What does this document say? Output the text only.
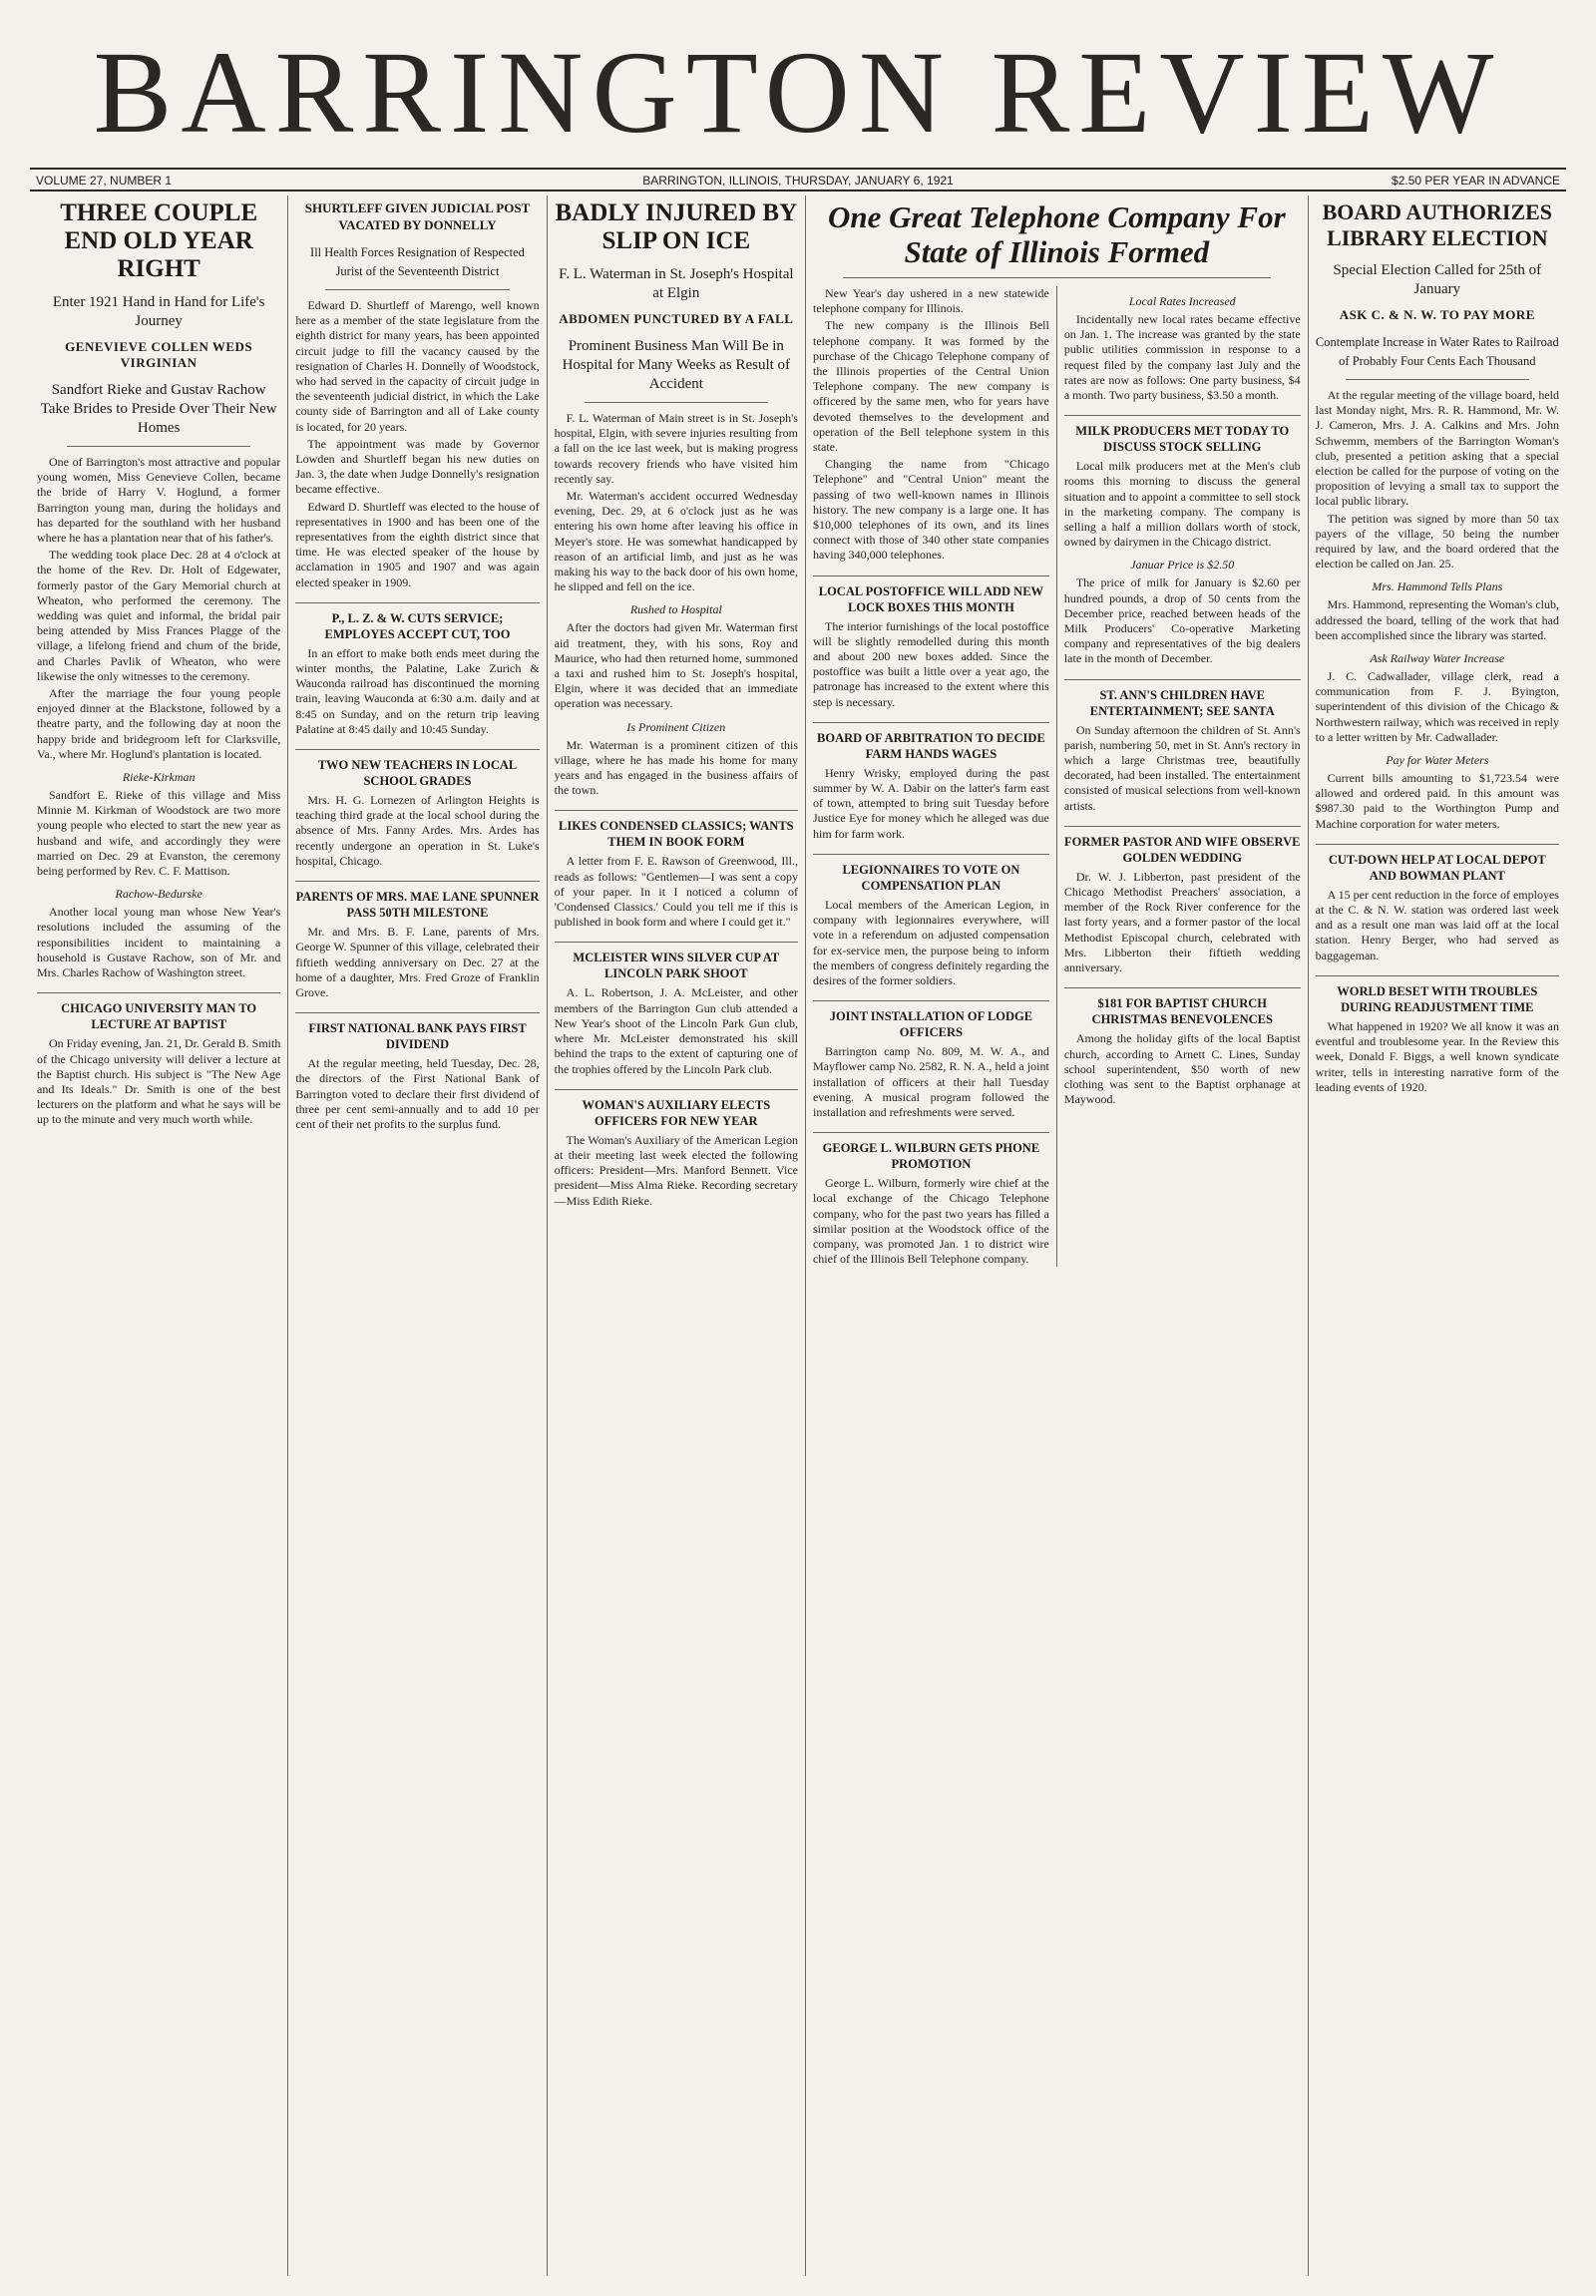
BARRINGTON REVIEW
VOLUME 27, NUMBER 1	BARRINGTON, ILLINOIS, THURSDAY, JANUARY 6, 1921	$2.50 PER YEAR IN ADVANCE
THREE COUPLE END OLD YEAR RIGHT
Enter 1921 Hand in Hand for Life's Journey
GENEVIEVE COLLEN WEDS VIRGINIAN
Sandfort Rieke and Gustav Rachow Take Brides to Preside Over Their New Homes

One of Barrington's most attractive and popular young women, Miss Genevieve Collen, became the bride of Harry V. Hoglund, a former Barrington young man, during the holidays and has departed for the southland with her husband where he has a plantation near that of his father's.

The wedding took place Dec. 28 at 4 o'clock at the home of the Rev. Dr. Holt of Edgewater, formerly pastor of the Gary Memorial church at Wheaton, who performed the ceremony. The wedding was quiet and informal, the bridal pair being attended by Miss Frances Plagge of the village, a lifelong friend and chum of the bride, and Charles Pavlik of Wheaton, who were likewise the only witnesses to the ceremony.

After the marriage the four young people enjoyed dinner at the Blackstone, followed by a theatre party, and the following day at noon the happy bride and bridegroom left for Clarksville, Va., where Mr. Hoglund's plantation is located.

Rieke-Kirkman

Sandfort E. Rieke of this village and Miss Minnie M. Kirkman of Woodstock are two more young people who elected to start the new year as husband and wife, and accordingly they were married on Dec. 29 at Evanston, the ceremony being performed by Rev. C. F. Mattison.

Rachow-Bedurske

Another local young man whose New Year's resolutions included the assuming of the responsibilities incident to maintaining a household is Gustave Rachow, son of Mr. and Mrs. Charles Rachow of Washington street.

CHICAGO UNIVERSITY MAN TO LECTURE AT BAPTIST

On Friday evening, Jan. 21, Dr. Gerald B. Smith of the Chicago university will deliver a lecture at the Baptist church. His subject is "The New Age and Its Ideals." Dr. Smith is one of the best lecturers on the platform and what he says will be up to the minute and very much worth while.

SHURTLEFF GIVEN JUDICIAL POST VACATED BY DONNELLY
Ill Health Forces Resignation of Respected Jurist of the Seventeenth District

Edward D. Shurtleff of Marengo, well known here as a member of the state legislature from the eighth district for many years, has been appointed circuit judge to fill the vacancy caused by the resignation of Charles H. Donnelly of Woodstock, who had served in the capacity of circuit judge in the seventeenth judicial district, in which the Lake county side of Barrington and all of Lake county is located, for 20 years.

The appointment was made by Governor Lowden and Shurtleff began his new duties on Jan. 3, the date when Judge Donnelly's resignation became effective.

Edward D. Shurtleff was elected to the house of representatives in 1900 and has been one of the representatives from the eighth district since that time. He was elected speaker of the house by acclamation in 1905 and 1907 and was again elected speaker in 1909.

P., L. Z. & W. CUTS SERVICE; EMPLOYES ACCEPT CUT, TOO

In an effort to make both ends meet during the winter months, the Palatine, Lake Zurich & Wauconda railroad has discontinued the morning train, leaving Wauconda at 6:30 a.m. daily and at 8:45 on Sunday, and on the return trip leaving Palatine at 8:45 daily and 10:45 Sunday.

TWO NEW TEACHERS IN LOCAL SCHOOL GRADES

Mrs. H. G. Lornezen of Arlington Heights is teaching third grade at the local school during the absence of Mrs. Fanny Ardes. Mrs. Ardes has recently undergone an operation in St. Luke's hospital, Chicago.

PARENTS OF MRS. MAE LANE SPUNNER PASS 50TH MILESTONE

Mr. and Mrs. B. F. Lane, parents of Mrs. George W. Spunner of this village, celebrated their fiftieth wedding anniversary on Dec. 27 at the home of a daughter, Mrs. Fred Groze of Franklin Grove.

FIRST NATIONAL BANK PAYS FIRST DIVIDEND

At the regular meeting, held Tuesday, Dec. 28, the directors of the First National Bank of Barrington voted to declare their first dividend of three per cent semi-annually and to add 10 per cent of their net profits to the surplus fund.

BADLY INJURED BY SLIP ON ICE
F. L. Waterman in St. Joseph's Hospital at Elgin
ABDOMEN PUNCTURED BY A FALL
Prominent Business Man Will Be in Hospital for Many Weeks as Result of Accident

F. L. Waterman of Main street is in St. Joseph's hospital, Elgin, with severe injuries resulting from a fall on the ice last week, but is making progress towards recovery friends who have visited him recently say.

Mr. Waterman's accident occurred Wednesday evening, Dec. 29, at 6 o'clock just as he was entering his own home after leaving his office in Meyer's store. He was somewhat handicapped by reason of an artificial limb, and just as he was making his way to the back door of his own home, he slipped and fell on the ice.

Rushed to Hospital

After the doctors had given Mr. Waterman first aid treatment, they, with his sons, Roy and Maurice, who had then returned home, summoned a taxi and rushed him to St. Joseph's hospital, Elgin, where it was decided that an immediate operation was necessary.

Is Prominent Citizen

Mr. Waterman is a prominent citizen of this village, where he has made his home for many years and has engaged in the business affairs of the town.

LIKES CONDENSED CLASSICS; WANTS THEM IN BOOK FORM

A letter from F. E. Rawson of Greenwood, Ill., reads as follows: "Gentlemen—I was sent a copy of your paper. In it I noticed a column of 'Condensed Classics.' Could you tell me if this is published in book form and where I could get it."

MCLEISTER WINS SILVER CUP AT LINCOLN PARK SHOOT

A. L. Robertson, J. A. McLeister, and other members of the Barrington Gun club attended a New Year's shoot of the Lincoln Park Gun club, where Mr. McLeister demonstrated his skill behind the traps to the extent of capturing one of the trophies offered by the Lincoln Park club.

WOMAN'S AUXILIARY ELECTS OFFICERS FOR NEW YEAR

The Woman's Auxiliary of the American Legion at their meeting last week elected the following officers: President—Mrs. Manford Bennett. Vice president—Miss Alma Rieke. Recording secretary—Miss Edith Rieke.

One Great Telephone Company For State of Illinois Formed

New Year's day ushered in a new statewide telephone company for Illinois.

The new company is the Illinois Bell telephone company. It was formed by the purchase of the Chicago Telephone company of the Illinois properties of the Central Union Telephone company. The new company is officered by the same men, who for years have devoted themselves to the development and operation of the Bell telephone system in this state.

Changing the name from "Chicago Telephone" and "Central Union" meant the passing of two well-known names in Illinois history. The new company is a large one. It has $10,000 telephones of its own, and its lines connect with those of 340 other state companies having 340,000 telephones.

LOCAL POSTOFFICE WILL ADD NEW LOCK BOXES THIS MONTH

The interior furnishings of the local postoffice will be slightly remodelled during this month and about 200 new boxes added. Since the postoffice was built a little over a year ago, the patronage has increased to the extent where this step is necessary.

BOARD OF ARBITRATION TO DECIDE FARM HANDS WAGES

Henry Wrisky, employed during the past summer by W. A. Dabir on the latter's farm east of town, attempted to bring suit Tuesday before Justice Eye for money which he alleged was due him for farm work.

LEGIONNAIRES TO VOTE ON COMPENSATION PLAN

Local members of the American Legion, in company with legionnaires everywhere, will vote in a referendum on adjusted compensation for ex-service men, the purpose being to inform the members of congress definitely regarding the desires of the former soldiers.

JOINT INSTALLATION OF LODGE OFFICERS

Barrington camp No. 809, M. W. A., and Mayflower camp No. 2582, R. N. A., held a joint installation of officers at their hall Tuesday evening. A musical program followed the installation and refreshments were served.

GEORGE L. WILBURN GETS PHONE PROMOTION

George L. Wilburn, formerly wire chief at the local exchange of the Chicago Telephone company, who for the past two years has filled a similar position at the Woodstock office of the company, was promoted Jan. 1 to district wire chief of the Illinois Bell Telephone company.

Local Rates Increased

Incidentally new local rates became effective on Jan. 1. The increase was granted by the state public utilities commission in response to a request filed by the company last July and the rates are now as follows: One party business, $4 a month. Two party business, $3.50 a month.

MILK PRODUCERS MET TODAY TO DISCUSS STOCK SELLING

Local milk producers met at the Men's club rooms this morning to discuss the general situation and to appoint a committee to sell stock in the marketing company. The company is selling a half a million dollars worth of stock, owned by dairymen in the Chicago district.

Januar Price is $2.50

The price of milk for January is $2.60 per hundred pounds, a drop of 50 cents from the December price, reached between heads of the Milk Producers' Co-operative Marketing company and representatives of the big dealers late in the month of December.

ST. ANN'S CHILDREN HAVE ENTERTAINMENT; SEE SANTA

On Sunday afternoon the children of St. Ann's parish, numbering 50, met in St. Ann's rectory in which a large Christmas tree, beautifully decorated, had been installed. The entertainment consisted of musical selections from well-known artists.

FORMER PASTOR AND WIFE OBSERVE GOLDEN WEDDING

Dr. W. J. Libberton, past president of the Chicago Methodist Preachers' association, a member of the Rock River conference for the last forty years, and a former pastor of the local Methodist Episcopal church, celebrated with Mrs. Libberton their fiftieth wedding anniversary.

$181 FOR BAPTIST CHURCH CHRISTMAS BENEVOLENCES

Among the holiday gifts of the local Baptist church, according to Arnett C. Lines, Sunday school superintendent, $50 worth of new clothing was sent to the Baptist orphanage at Maywood.

BOARD AUTHORIZES LIBRARY ELECTION
Special Election Called for 25th of January
ASK C. & N. W. TO PAY MORE
Contemplate Increase in Water Rates to Railroad of Probably Four Cents Each Thousand

At the regular meeting of the village board, held last Monday night, Mrs. R. R. Hammond, Mr. W. J. Cameron, Mrs. J. A. Calkins and Mrs. John Schwemm, members of the Barrington Woman's club, presented a petition asking that a special election be called for the purpose of voting on the proposition of levying a small tax to support the local public library.

The petition was signed by more than 50 tax payers of the village, 50 being the number required by law, and the board ordered that the election be called on Jan. 25.

Mrs. Hammond Tells Plans

Mrs. Hammond, representing the Woman's club, addressed the board, telling of the work that had been accomplished since the library was started.

Ask Railway Water Increase

J. C. Cadwallader, village clerk, read a communication from F. J. Byington, superintendent of this division of the Chicago & Northwestern railway, which was received in reply to a letter written by Mr. Cadwallader.

Pay for Water Meters

Current bills amounting to $1,723.54 were allowed and ordered paid. In this amount was $987.30 paid to the Worthington Pump and Machine corporation for water meters.

CUT-DOWN HELP AT LOCAL DEPOT AND BOWMAN PLANT

A 15 per cent reduction in the force of employes at the C. & N. W. station was ordered last week and as a result one man was laid off at the local station. Henry Berger, who had served as baggageman.

WORLD BESET WITH TROUBLES DURING READJUSTMENT TIME

What happened in 1920? We all know it was an eventful and troublesome year. In the Review this week, Donald F. Biggs, a well known syndicate writer, tells in interesting narrative form of the leading events of 1920.
